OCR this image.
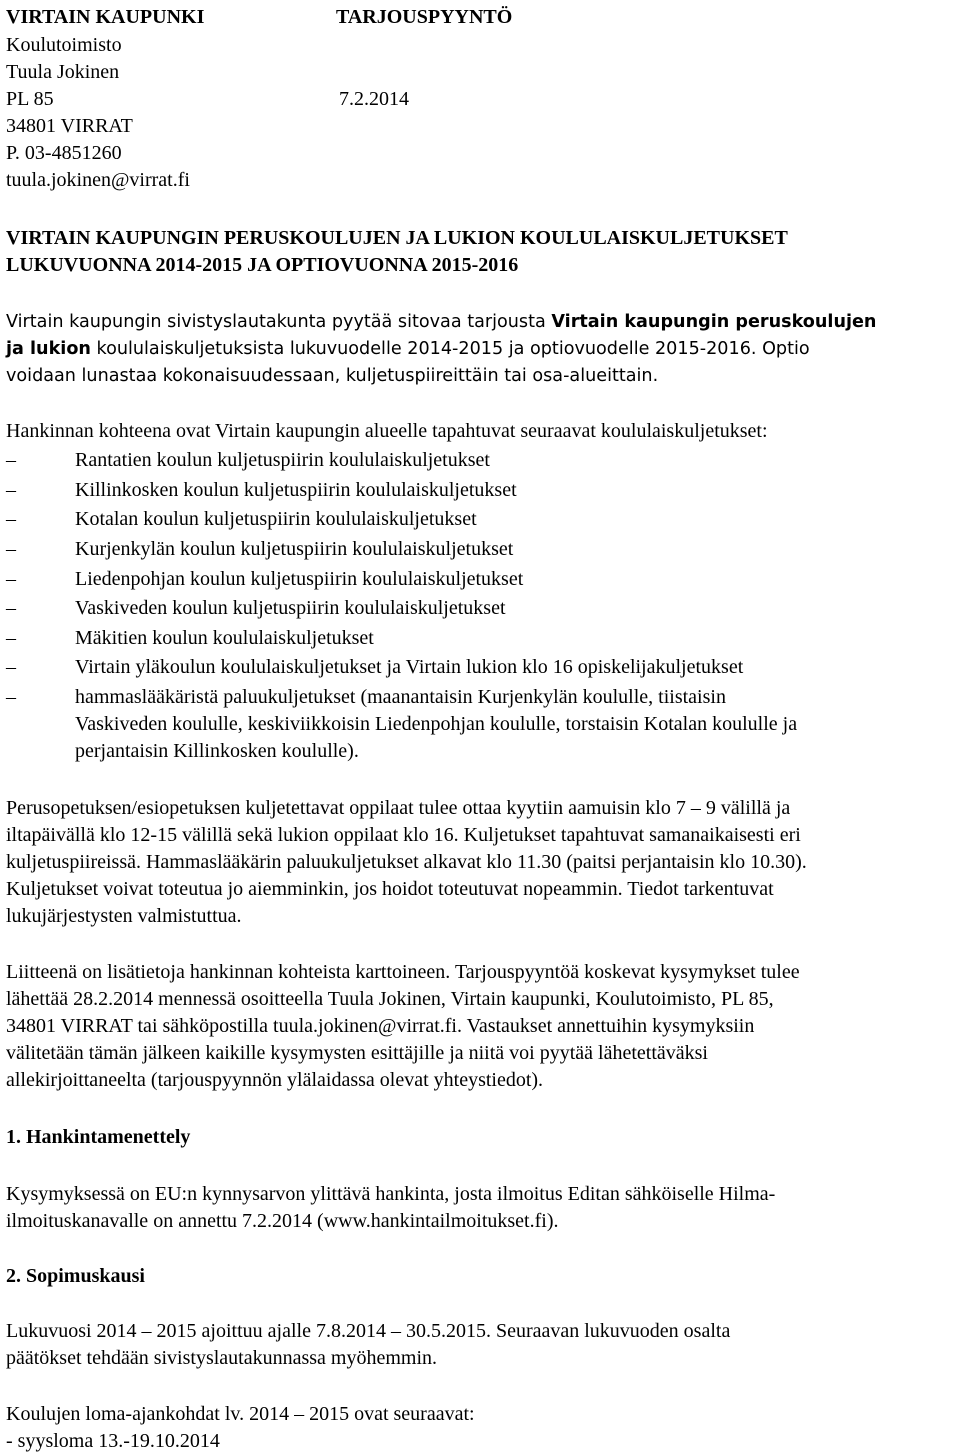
VIRTAIN KAUPUNKI	TARJOUSPYYNTÖ
Koulutoimisto
Tuula Jokinen
PL 85	7.2.2014
34801 VIRRAT
P. 03-4851260
tuula.jokinen@virrat.fi
VIRTAIN KAUPUNGIN PERUSKOULUJEN JA LUKION KOULULAISKULJETUKSET
LUKUVUONNA 2014-2015 JA OPTIOVUONNA 2015-2016
Virtain kaupungin sivistyslautakunta pyytää sitovaa tarjousta Virtain kaupungin peruskoulujen
ja lukion koululaiskuljetuksista lukuvuodelle 2014-2015 ja optiovuodelle 2015-2016. Optio
voidaan lunastaa kokonaisuudessaan, kuljetuspiireittäin tai osa-alueittain.
Hankinnan kohteena ovat Virtain kaupungin alueelle tapahtuvat seuraavat koululaiskuljetukset:
–	Rantatien koulun kuljetuspiirin koululaiskuljetukset
–	Killinkosken koulun kuljetuspiirin koululaiskuljetukset
–	Kotalan koulun kuljetuspiirin koululaiskuljetukset
–	Kurjenkylän koulun kuljetuspiirin koululaiskuljetukset
–	Liedenpohjan koulun kuljetuspiirin koululaiskuljetukset
–	Vaskiveden koulun kuljetuspiirin koululaiskuljetukset
–	Mäkitien koulun koululaiskuljetukset
–	Virtain yläkoulun koululaiskuljetukset ja Virtain lukion klo 16 opiskelijakuljetukset
–	hammaslääkäristä paluukuljetukset (maanantaisin Kurjenkylän koululle, tiistaisin
Vaskiveden koululle, keskiviikkoisin Liedenpohjan koululle, torstaisin Kotalan koululle ja
perjantaisin Killinkosken koululle).
Perusopetuksen/esiopetuksen kuljetettavat oppilaat tulee ottaa kyytiin aamuisin klo 7 – 9 välillä ja
iltapäivällä klo 12-15 välillä sekä lukion oppilaat klo 16. Kuljetukset tapahtuvat samanaikaisesti eri
kuljetuspiireissä. Hammaslääkärin paluukuljetukset alkavat klo 11.30 (paitsi perjantaisin klo 10.30).
Kuljetukset voivat toteutua jo aiemminkin, jos hoidot toteutuvat nopeammin. Tiedot tarkentuvat
lukujärjestysten valmistuttua.
Liitteenä on lisätietoja hankinnan kohteista karttoineen. Tarjouspyyntöä koskevat kysymykset tulee
lähettää 28.2.2014 mennessä osoitteella Tuula Jokinen, Virtain kaupunki, Koulutoimisto, PL 85,
34801 VIRRAT tai sähköpostilla tuula.jokinen@virrat.fi. Vastaukset annettuihin kysymyksiin
välitetään tämän jälkeen kaikille kysymysten esittäjille ja niitä voi pyytää lähetettäväksi
allekirjoittaneelta (tarjouspyynnön ylälaidassa olevat yhteystiedot).
1. Hankintamenettely
Kysymyksessä on EU:n kynnysarvon ylittävä hankinta, josta ilmoitus Editan sähköiselle Hilma-
ilmoituskanavalle on annettu 7.2.2014 (www.hankintailmoitukset.fi).
2. Sopimuskausi
Lukuvuosi 2014 – 2015 ajoittuu ajalle 7.8.2014 – 30.5.2015. Seuraavan lukuvuoden osalta
päätökset tehdään sivistyslautakunnassa myöhemmin.
Koulujen loma-ajankohdat lv. 2014 – 2015 ovat seuraavat:
- syysloma 13.-19.10.2014
